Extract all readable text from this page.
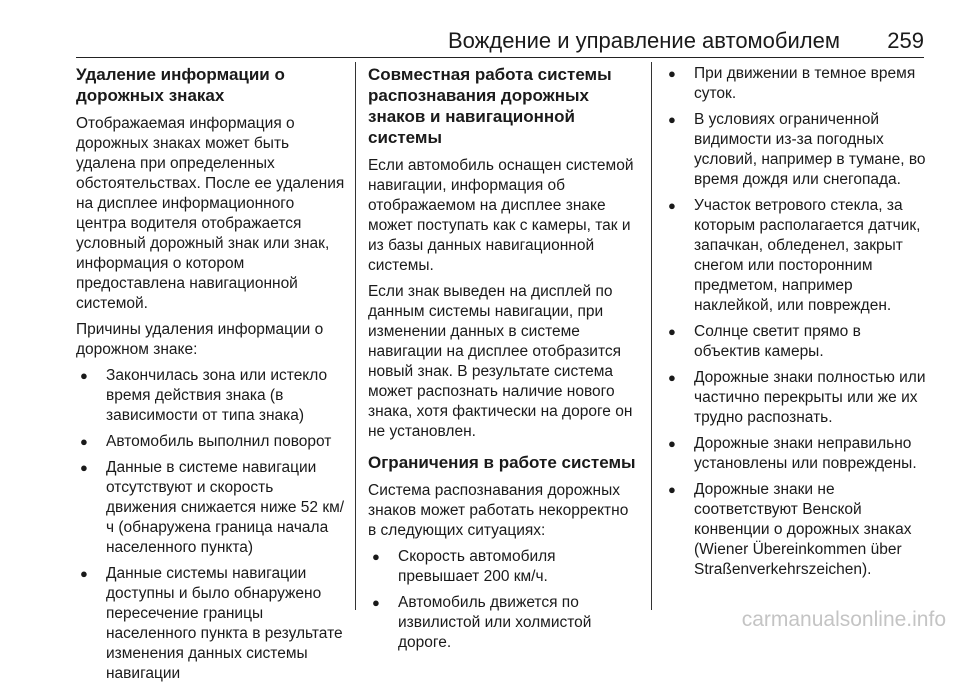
Вождение и управление автомобилем 259
Удаление информации о дорожных знаках

Отображаемая информация о дорожных знаках может быть удалена при определенных обстоятельствах. После ее удаления на дисплее информационного центра водителя отображается условный дорожный знак или знак, информация о котором предоставлена навигационной системой.

Причины удаления информации о дорожном знаке:

● Закончилась зона или истекло время действия знака (в зависимости от типа знака)
● Автомобиль выполнил поворот
● Данные в системе навигации отсутствуют и скорость движения снижается ниже 52 км/ч (обнаружена граница начала населенного пункта)
● Данные системы навигации доступны и было обнаружено пересечение границы населенного пункта в результате изменения данных системы навигации
Совместная работа системы распознавания дорожных знаков и навигационной системы

Если автомобиль оснащен системой навигации, информация об отображаемом на дисплее знаке может поступать как с камеры, так и из базы данных навигационной системы.

Если знак выведен на дисплей по данным системы навигации, при изменении данных в системе навигации на дисплее отобразится новый знак. В результате система может распознать наличие нового знака, хотя фактически на дороге он не установлен.

Ограничения в работе системы

Система распознавания дорожных знаков может работать некорректно в следующих ситуациях:

● Скорость автомобиля превышает 200 км/ч.
● Автомобиль движется по извилистой или холмистой дороге.
● При движении в темное время суток.
● В условиях ограниченной видимости из-за погодных условий, например в тумане, во время дождя или снегопада.
● Участок ветрового стекла, за которым располагается датчик, запачкан, обледенел, закрыт снегом или посторонним предметом, например наклейкой, или поврежден.
● Солнце светит прямо в объектив камеры.
● Дорожные знаки полностью или частично перекрыты или же их трудно распознать.
● Дорожные знаки неправильно установлены или повреждены.
● Дорожные знаки не соответствуют Венской конвенции о дорожных знаках (Wiener Übereinkommen über Straßenverkehrszeichen).
carmanualsonline.info
